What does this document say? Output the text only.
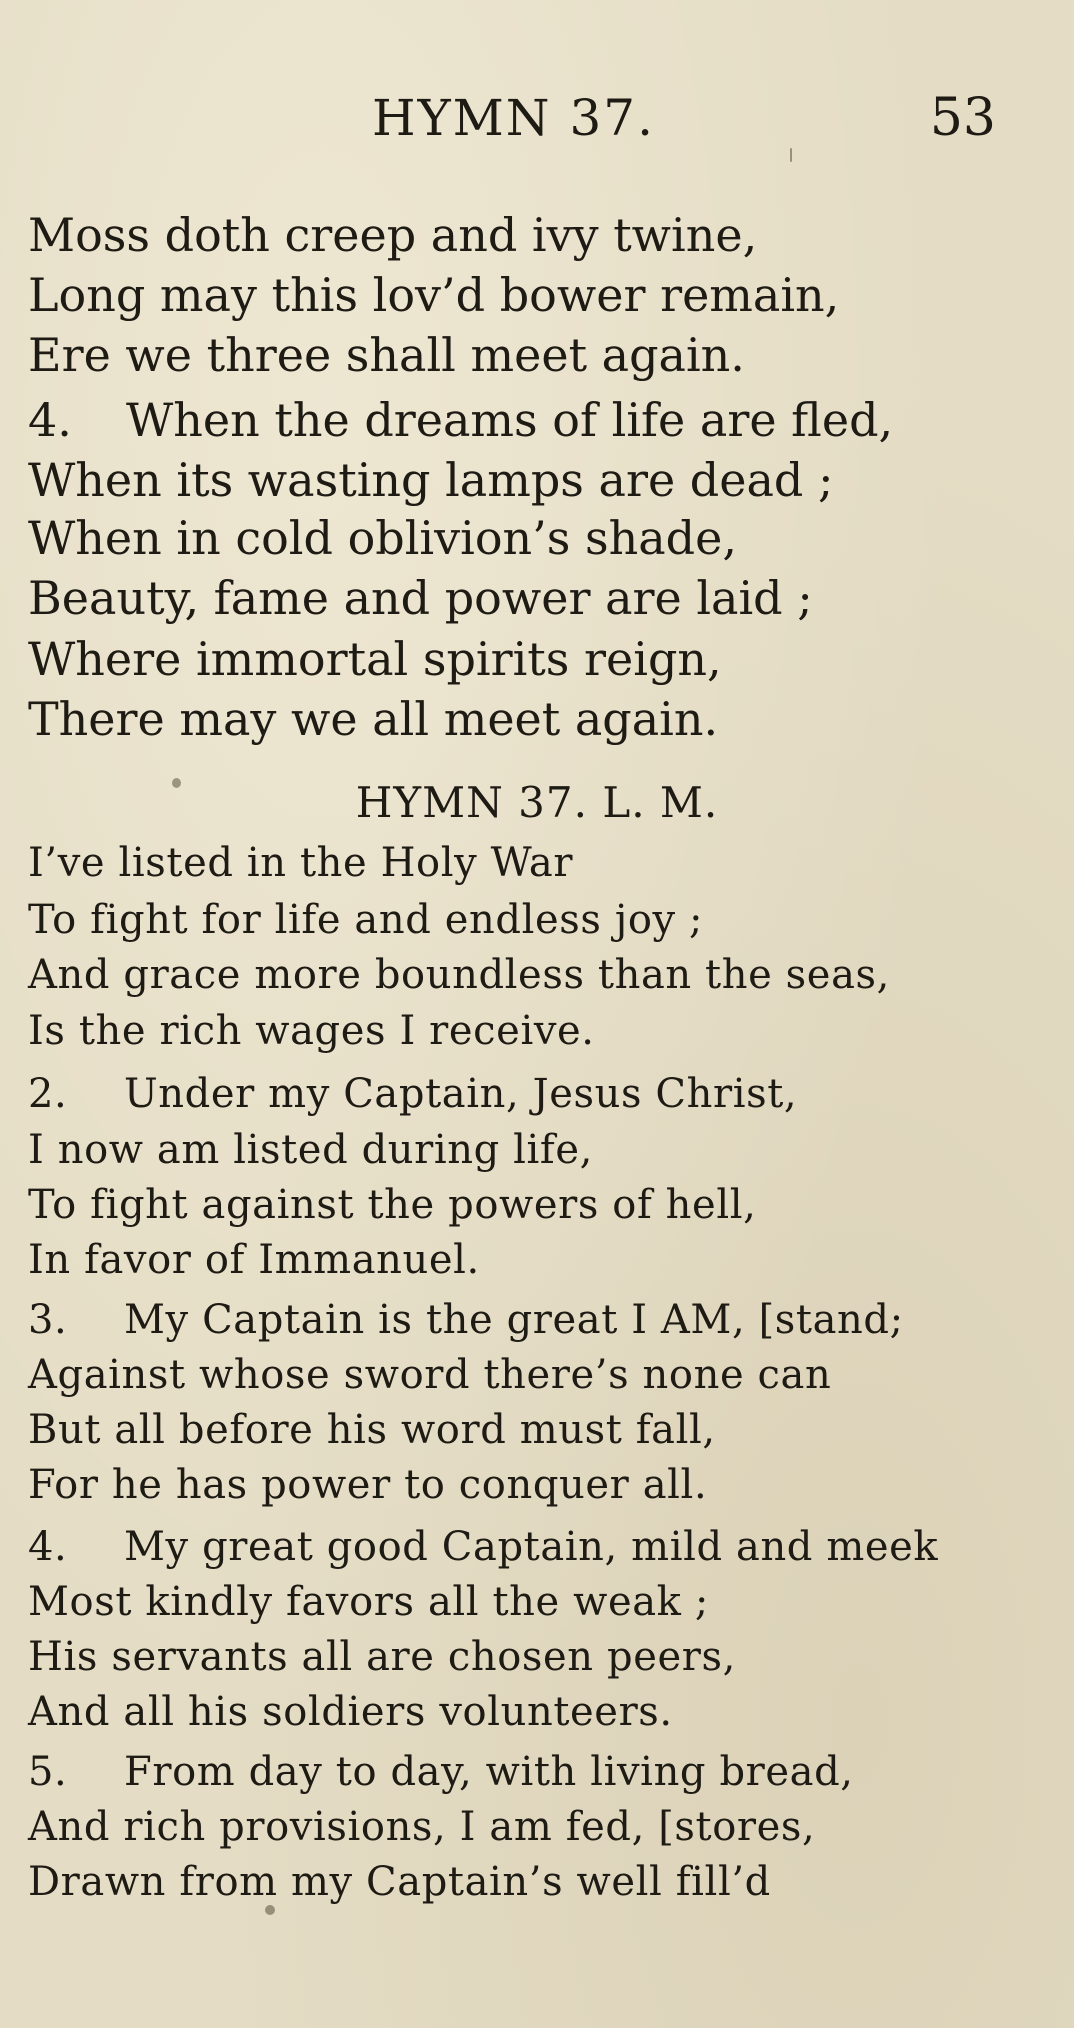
HYMN 37.	53
Moss doth creep and ivy twine,
Long may this lov’d bower remain,
Ere we three shall meet again.
4. When the dreams of life are fled,
When its wasting lamps are dead ;
When in cold oblivion’s shade,
Beauty, fame and power are laid ;
Where immortal spirits reign,
There may we all meet again.
HYMN 37. L. M.
I’ve listed in the Holy War
To fight for life and endless joy ;
And grace more boundless than the seas,
Is the rich wages I receive.
2. Under my Captain, Jesus Christ,
I now am listed during life,
To fight against the powers of hell,
In favor of Immanuel.
3. My Captain is the great I AM, [stand;
Against whose sword there’s none can
But all before his word must fall,
For he has power to conquer all.
4. My great good Captain, mild and meek
Most kindly favors all the weak ;
His servants all are chosen peers,
And all his soldiers volunteers.
5. From day to day, with living bread,
And rich provisions, I am fed, [stores,
Drawn from my Captain’s well fill’d
